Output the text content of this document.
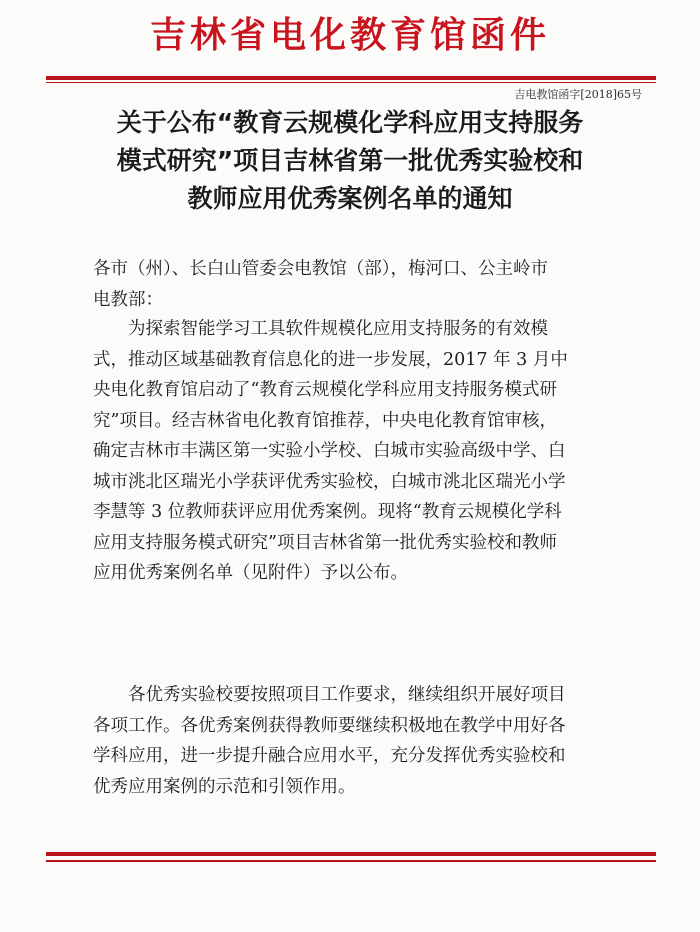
吉林省电化教育馆函件
吉电教馆函字[2018]65号
关于公布“教育云规模化学科应用支持服务
模式研究”项目吉林省第一批优秀实验校和
教师应用优秀案例名单的通知
各市（州）、长白山管委会电教馆（部），梅河口、公主岭市
电教部：
为探索智能学习工具软件规模化应用支持服务的有效模
式，推动区域基础教育信息化的进一步发展，2017 年 3 月中
央电化教育馆启动了“教育云规模化学科应用支持服务模式研
究”项目。经吉林省电化教育馆推荐，中央电化教育馆审核，
确定吉林市丰满区第一实验小学校、白城市实验高级中学、白
城市洮北区瑞光小学获评优秀实验校，白城市洮北区瑞光小学
李慧等 3 位教师获评应用优秀案例。现将“教育云规模化学科
应用支持服务模式研究”项目吉林省第一批优秀实验校和教师
应用优秀案例名单（见附件）予以公布。
各优秀实验校要按照项目工作要求，继续组织开展好项目
各项工作。各优秀案例获得教师要继续积极地在教学中用好各
学科应用，进一步提升融合应用水平，充分发挥优秀实验校和
优秀应用案例的示范和引领作用。
